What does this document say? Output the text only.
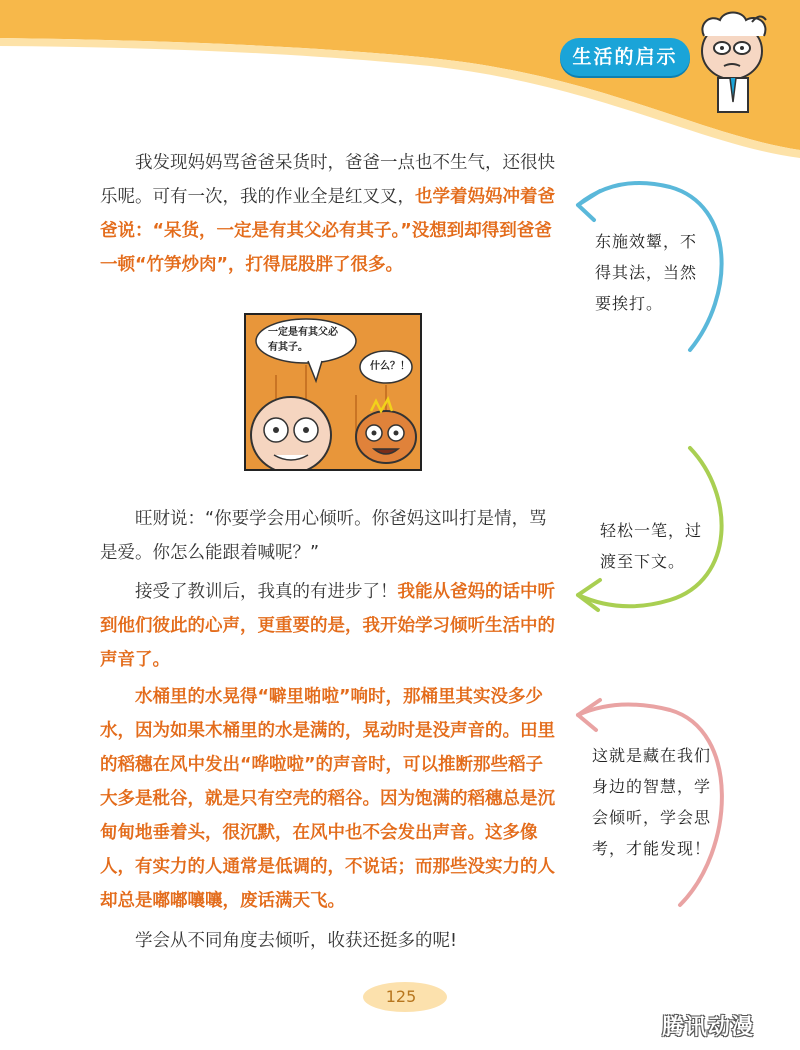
生活的启示

我发现妈妈骂爸爸呆货时，爸爸一点也不生气，还很快乐呢。可有一次，我的作业全是红叉叉，也学着妈妈冲着爸爸说：“呆货，一定是有其父必有其子。”没想到却得到爸爸一顿“竹笋炒肉”，打得屁股胖了很多。

一定是有其父必有其子。
什么？！

旺财说：“你要学会用心倾听。你爸妈这叫打是情，骂是爱。你怎么能跟着喊呢？”

接受了教训后，我真的有进步了！我能从爸妈的话中听到他们彼此的心声，更重要的是，我开始学习倾听生活中的声音了。

水桶里的水晃得“噼里啪啦”响时，那桶里其实没多少水，因为如果木桶里的水是满的，晃动时是没声音的。田里的稻穗在风中发出“哗啦啦”的声音时，可以推断那些稻子大多是秕谷，就是只有空壳的稻谷。因为饱满的稻穗总是沉甸甸地垂着头，很沉默，在风中也不会发出声音。这多像人，有实力的人通常是低调的，不说话；而那些没实力的人却总是嘟嘟嚷嚷，废话满天飞。

学会从不同角度去倾听，收获还挺多的呢!

东施效颦，不得其法，当然要挨打。
轻松一笔，过渡至下文。
这就是藏在我们身边的智慧，学会倾听，学会思考，才能发现！
125
腾讯动漫
